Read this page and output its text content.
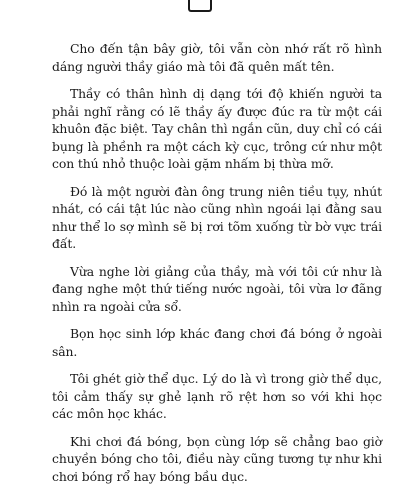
Cho đến tận bây giờ, tôi vẫn còn nhớ rất rõ hình dáng người thầy giáo mà tôi đã quên mất tên.

Thầy có thân hình dị dạng tới độ khiến người ta phải nghĩ rằng có lẽ thầy ấy được đúc ra từ một cái khuôn đặc biệt. Tay chân thì ngắn cũn, duy chỉ có cái bụng là phềnh ra một cách kỳ cục, trông cứ như một con thú nhỏ thuộc loài gặm nhấm bị thừa mỡ.

Đó là một người đàn ông trung niên tiều tụy, nhút nhát, có cái tật lúc nào cũng nhìn ngoái lại đằng sau như thể lo sợ mình sẽ bị rơi tõm xuống từ bờ vực trái đất.

Vừa nghe lời giảng của thầy, mà với tôi cứ như là đang nghe một thứ tiếng nước ngoài, tôi vừa lơ đãng nhìn ra ngoài cửa sổ.

Bọn học sinh lớp khác đang chơi đá bóng ở ngoài sân.

Tôi ghét giờ thể dục. Lý do là vì trong giờ thể dục, tôi cảm thấy sự ghẻ lạnh rõ rệt hơn so với khi học các môn học khác.

Khi chơi đá bóng, bọn cùng lớp sẽ chẳng bao giờ chuyền bóng cho tôi, điều này cũng tương tự như khi chơi bóng rổ hay bóng bầu dục.
